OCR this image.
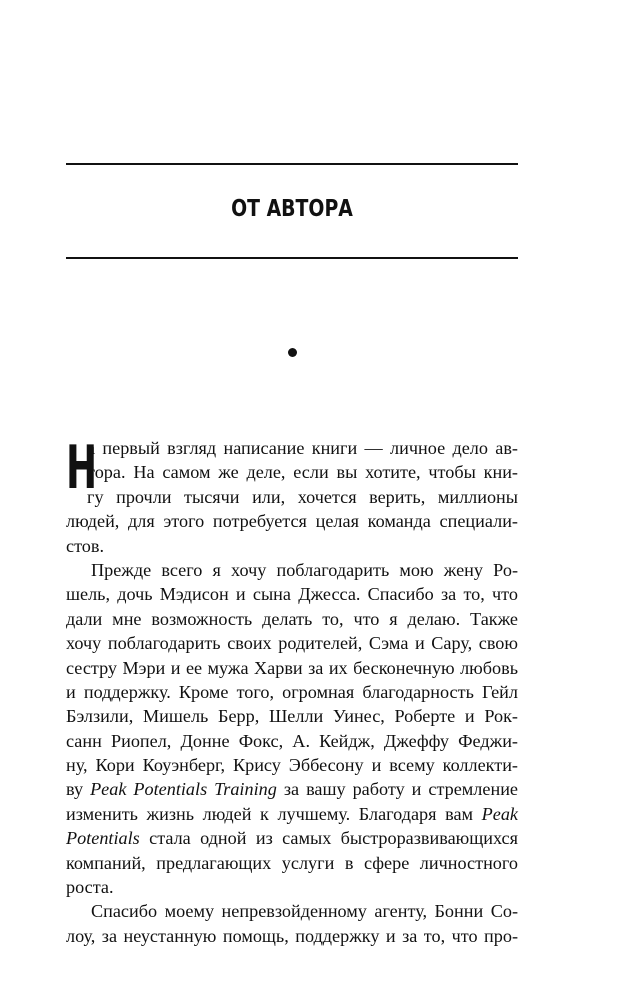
ОТ АВТОРА
Н
а первый взгляд написание книги — личное дело ав-
тора. На самом же деле, если вы хотите, чтобы кни-
гу прочли тысячи или, хочется верить, миллионы
людей, для этого потребуется целая команда специали-
стов.
Прежде всего я хочу поблагодарить мою жену Ро-
шель, дочь Мэдисон и сына Джесса. Спасибо за то, что
дали мне возможность делать то, что я делаю. Также
хочу поблагодарить своих родителей, Сэма и Сару, свою
сестру Мэри и ее мужа Харви за их бесконечную любовь
и поддержку. Кроме того, огромная благодарность Гейл
Бэлзили, Мишель Берр, Шелли Уинес, Роберте и Рок-
санн Риопел, Донне Фокс, А. Кейдж, Джеффу Феджи-
ну, Кори Коуэнберг, Крису Эббесону и всему коллекти-
ву Peak Potentials Training за вашу работу и стремление
изменить жизнь людей к лучшему. Благодаря вам Peak
Potentials стала одной из самых быстроразвивающихся
компаний, предлагающих услуги в сфере личностного
роста.
Спасибо моему непревзойденному агенту, Бонни Со-
лоу, за неустанную помощь, поддержку и за то, что про-
